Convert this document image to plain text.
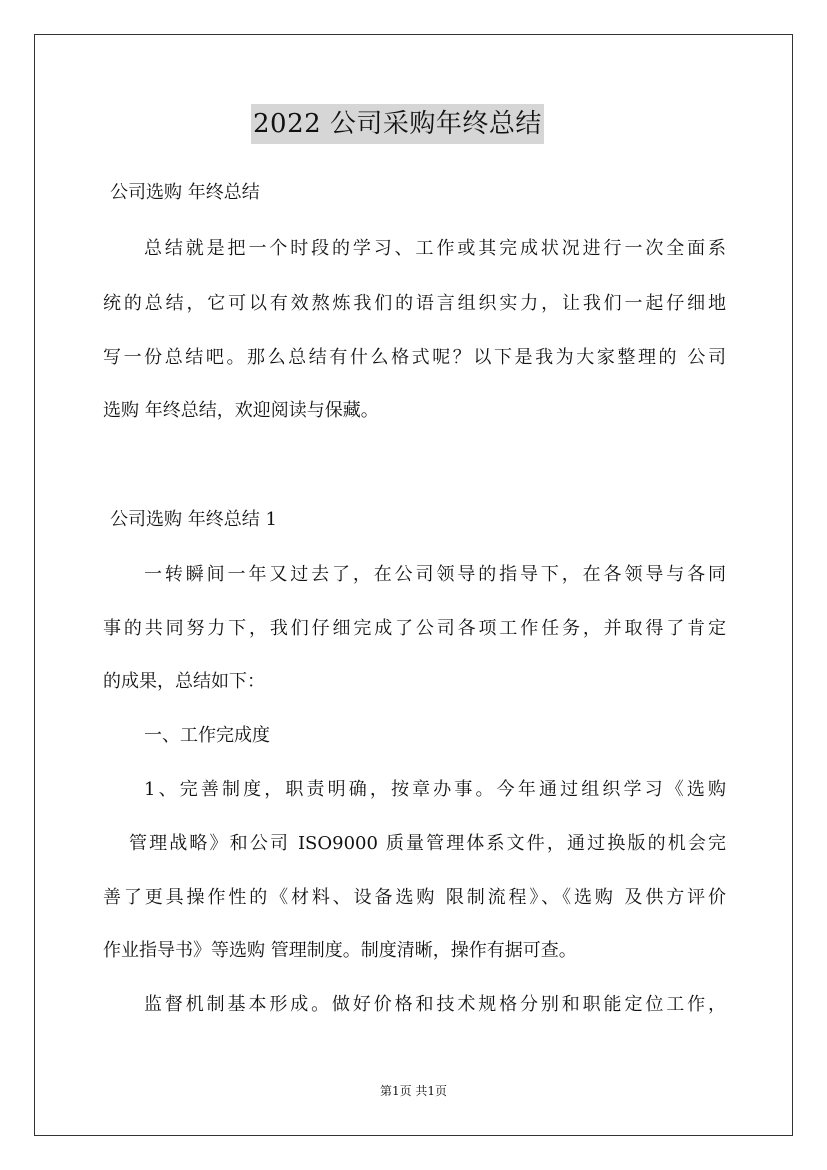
2022 公司采购年终总结
公司选购 年终总结
总结就是把一个时段的学习、工作或其完成状况进行一次全面系
统的总结，它可以有效熬炼我们的语言组织实力，让我们一起仔细地
写一份总结吧。那么总结有什么格式呢？以下是我为大家整理的 公司
选购 年终总结，欢迎阅读与保藏。
公司选购 年终总结 1
一转瞬间一年又过去了，在公司领导的指导下，在各领导与各同
事的共同努力下，我们仔细完成了公司各项工作任务，并取得了肯定
的成果，总结如下：
一、工作完成度
1、完善制度，职责明确，按章办事。今年通过组织学习《选购
管理战略》和公司 ISO9000 质量管理体系文件，通过换版的机会完
善了更具操作性的《材料、设备选购 限制流程》、《选购 及供方评价
作业指导书》等选购 管理制度。制度清晰，操作有据可查。
监督机制基本形成。做好价格和技术规格分别和职能定位工作，
第1页 共1页
